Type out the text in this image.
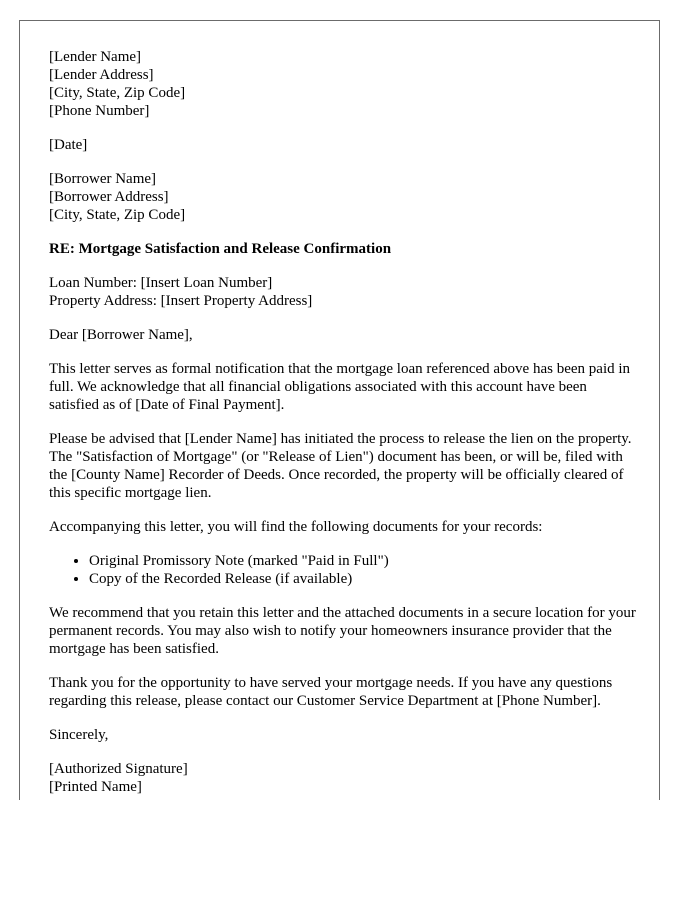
[Lender Name]
[Lender Address]
[City, State, Zip Code]
[Phone Number]
[Date]
[Borrower Name]
[Borrower Address]
[City, State, Zip Code]
RE: Mortgage Satisfaction and Release Confirmation
Loan Number: [Insert Loan Number]
Property Address: [Insert Property Address]

Dear [Borrower Name],

This letter serves as formal notification that the mortgage loan referenced above has been paid in full. We acknowledge that all financial obligations associated with this account have been satisfied as of [Date of Final Payment].

Please be advised that [Lender Name] has initiated the process to release the lien on the property. The "Satisfaction of Mortgage" (or "Release of Lien") document has been, or will be, filed with the [County Name] Recorder of Deeds. Once recorded, the property will be officially cleared of this specific mortgage lien.

Accompanying this letter, you will find the following documents for your records:

• Original Promissory Note (marked "Paid in Full")
• Copy of the Recorded Release (if available)

We recommend that you retain this letter and the attached documents in a secure location for your permanent records. You may also wish to notify your homeowners insurance provider that the mortgage has been satisfied.

Thank you for the opportunity to have served your mortgage needs. If you have any questions regarding this release, please contact our Customer Service Department at [Phone Number].

Sincerely,

[Authorized Signature]
[Printed Name]
